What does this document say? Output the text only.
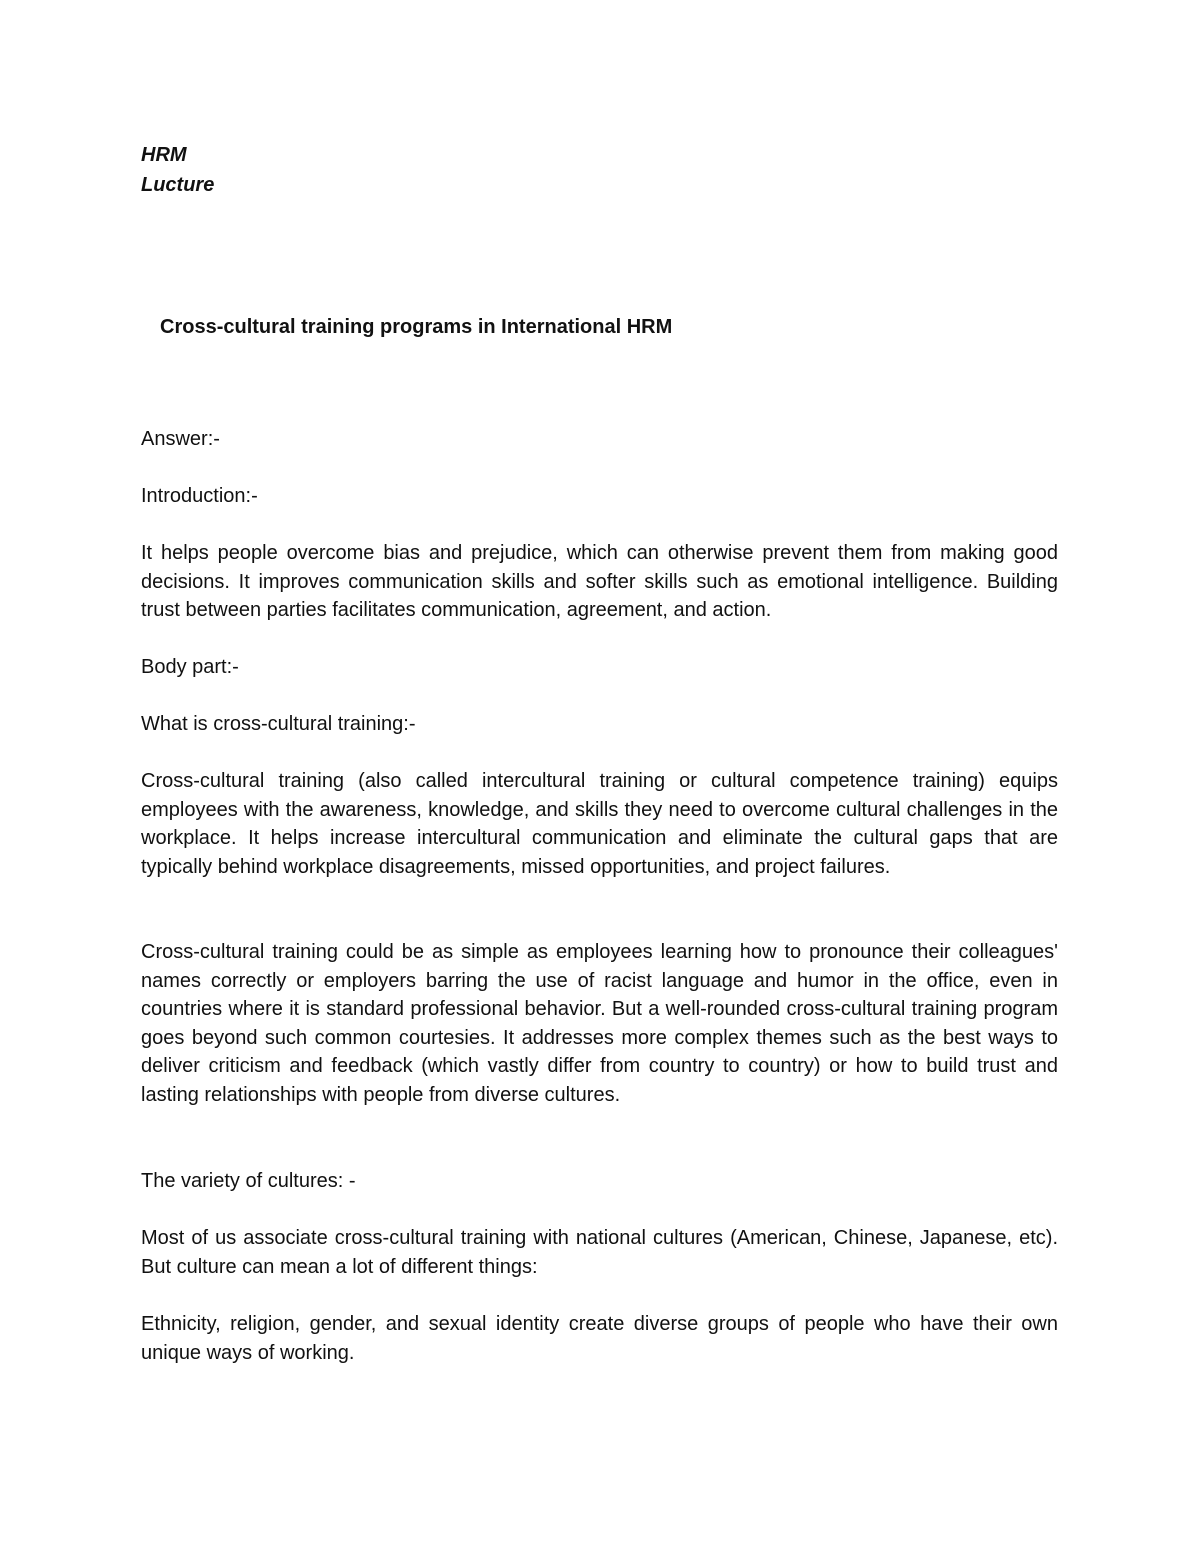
HRM
Lucture
Cross-cultural training programs in International HRM

Answer:-

Introduction:-

It helps people overcome bias and prejudice, which can otherwise prevent them from making good decisions. It improves communication skills and softer skills such as emotional intelligence. Building trust between parties facilitates communication, agreement, and action.

Body part:-

What is cross-cultural training:-

Cross-cultural training (also called intercultural training or cultural competence training) equips employees with the awareness, knowledge, and skills they need to overcome cultural challenges in the workplace. It helps increase intercultural communication and eliminate the cultural gaps that are typically behind workplace disagreements, missed opportunities, and project failures.

Cross-cultural training could be as simple as employees learning how to pronounce their colleagues' names correctly or employers barring the use of racist language and humor in the office, even in countries where it is standard professional behavior. But a well-rounded cross-cultural training program goes beyond such common courtesies. It addresses more complex themes such as the best ways to deliver criticism and feedback (which vastly differ from country to country) or how to build trust and lasting relationships with people from diverse cultures.

The variety of cultures: -

Most of us associate cross-cultural training with national cultures (American, Chinese, Japanese, etc). But culture can mean a lot of different things:

Ethnicity, religion, gender, and sexual identity create diverse groups of people who have their own unique ways of working.
